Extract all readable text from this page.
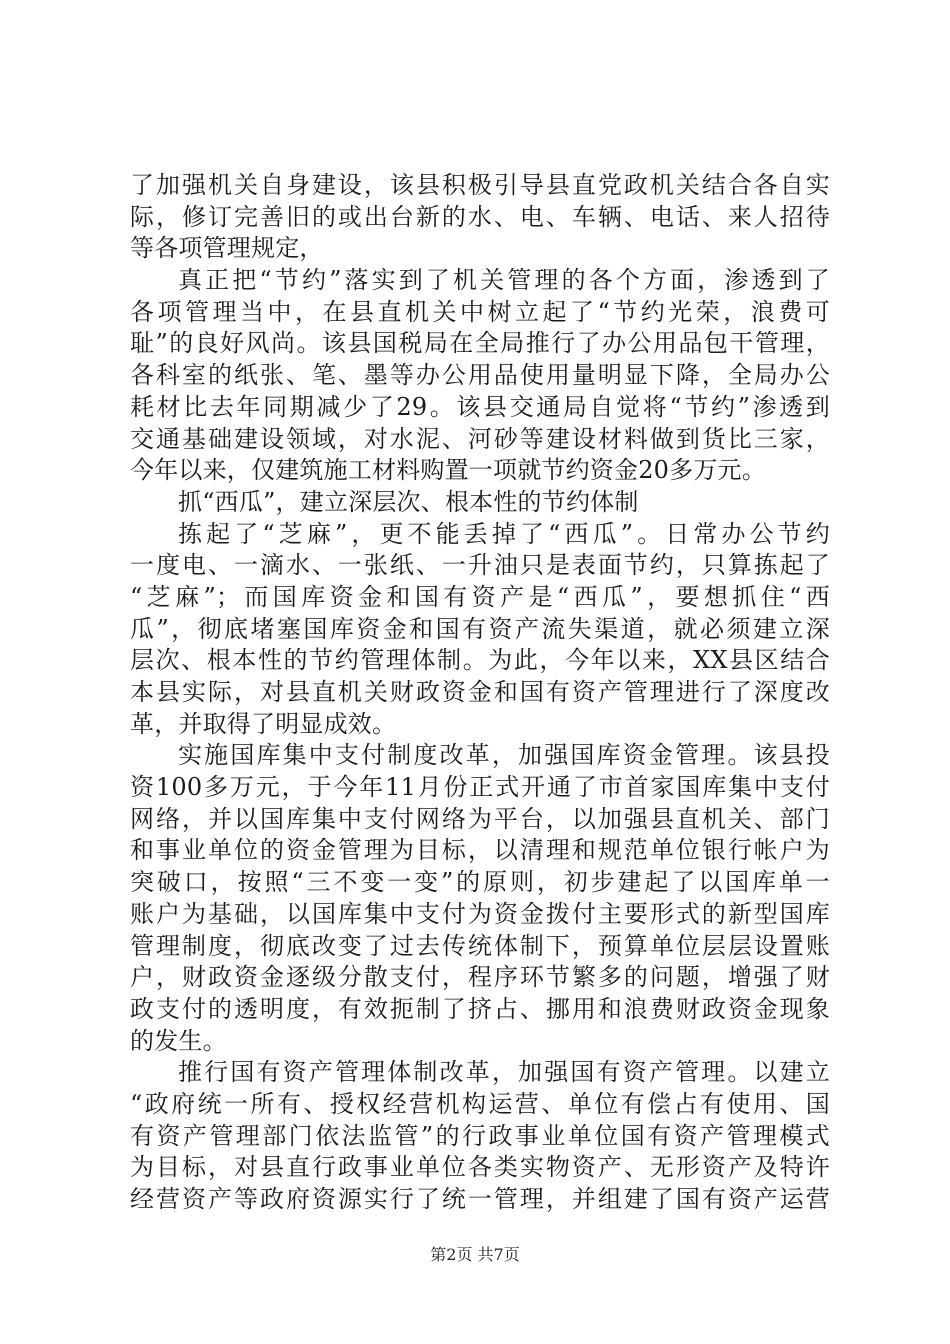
了加强机关自身建设，该县积极引导县直党政机关结合各自实
际，修订完善旧的或出台新的水、电、车辆、电话、来人招待
等各项管理规定，
真正把“节约”落实到了机关管理的各个方面，渗透到了
各项管理当中，在县直机关中树立起了“节约光荣，浪费可
耻”的良好风尚。该县国税局在全局推行了办公用品包干管理，
各科室的纸张、笔、墨等办公用品使用量明显下降，全局办公
耗材比去年同期减少了29。该县交通局自觉将“节约”渗透到
交通基础建设领域，对水泥、河砂等建设材料做到货比三家，
今年以来，仅建筑施工材料购置一项就节约资金20多万元。
抓“西瓜”，建立深层次、根本性的节约体制
拣起了“芝麻”，更不能丢掉了“西瓜”。日常办公节约
一度电、一滴水、一张纸、一升油只是表面节约，只算拣起了
“芝麻”；而国库资金和国有资产是“西瓜”，要想抓住“西
瓜”，彻底堵塞国库资金和国有资产流失渠道，就必须建立深
层次、根本性的节约管理体制。为此，今年以来，XX县区结合
本县实际，对县直机关财政资金和国有资产管理进行了深度改
革，并取得了明显成效。
实施国库集中支付制度改革，加强国库资金管理。该县投
资100多万元，于今年11月份正式开通了市首家国库集中支付
网络，并以国库集中支付网络为平台，以加强县直机关、部门
和事业单位的资金管理为目标，以清理和规范单位银行帐户为
突破口，按照“三不变一变”的原则，初步建起了以国库单一
账户为基础，以国库集中支付为资金拨付主要形式的新型国库
管理制度，彻底改变了过去传统体制下，预算单位层层设置账
户，财政资金逐级分散支付，程序环节繁多的问题，增强了财
政支付的透明度，有效扼制了挤占、挪用和浪费财政资金现象
的发生。
推行国有资产管理体制改革，加强国有资产管理。以建立
“政府统一所有、授权经营机构运营、单位有偿占有使用、国
有资产管理部门依法监管”的行政事业单位国有资产管理模式
为目标，对县直行政事业单位各类实物资产、无形资产及特许
经营资产等政府资源实行了统一管理，并组建了国有资产运营
第2页 共7页
